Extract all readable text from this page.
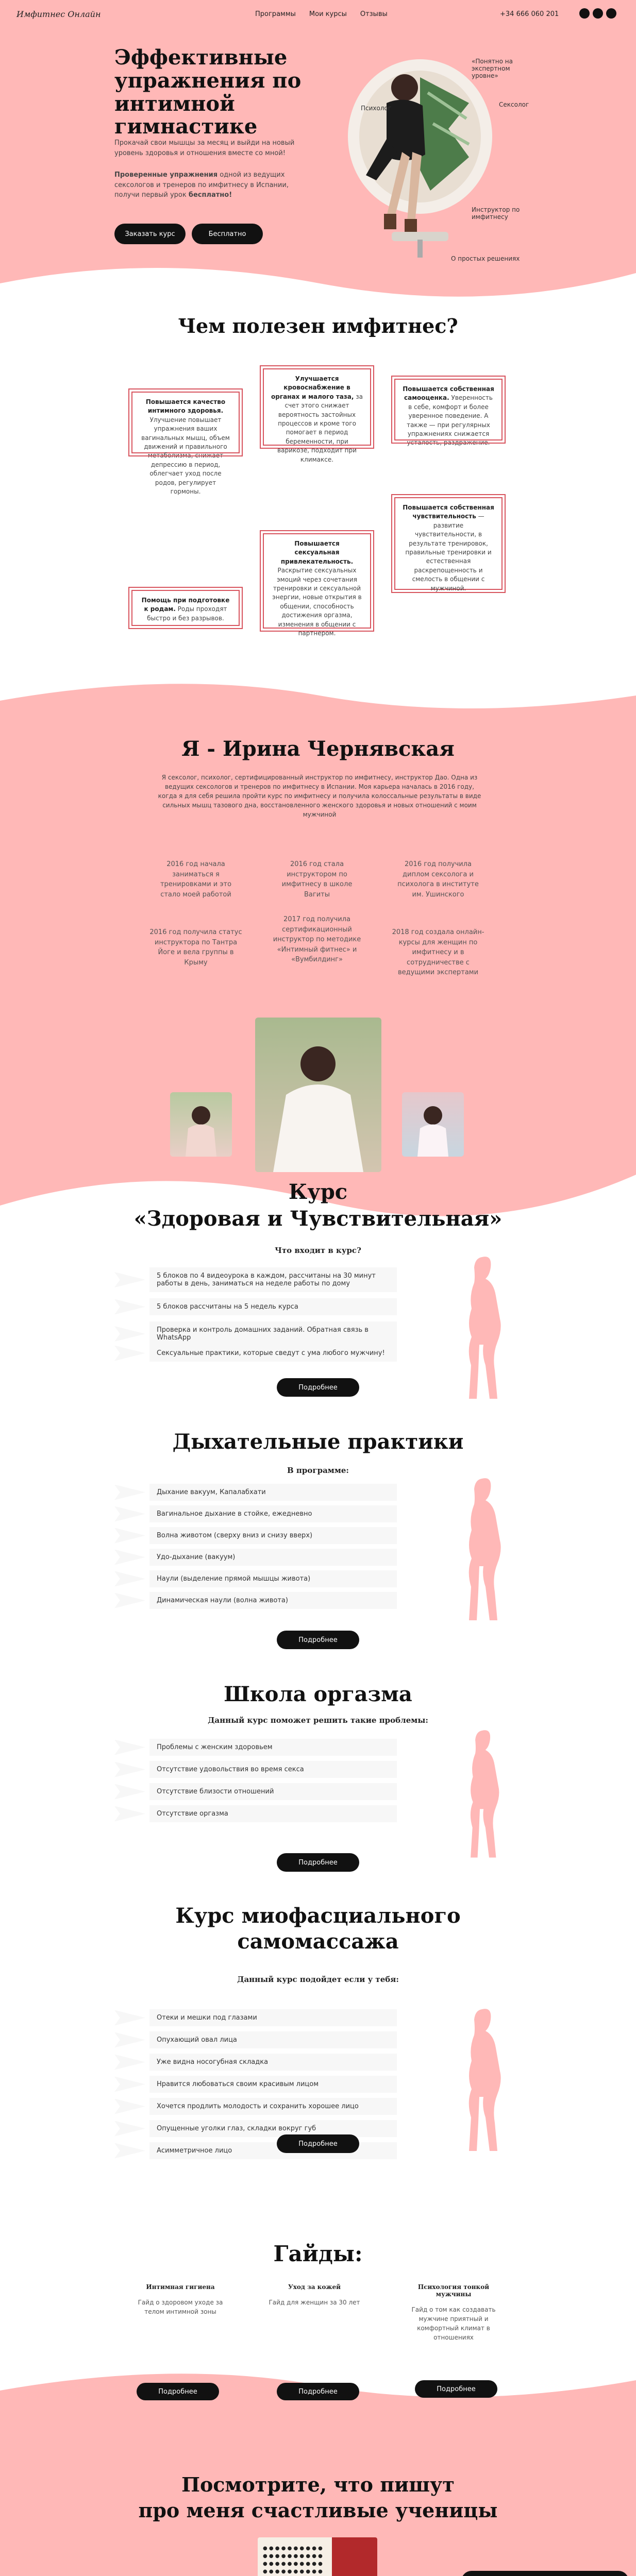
Имфитнес Онлайн	Программы Мои курсы Отзывы	+34 666 060 201
Эффективные упражнения по интимной гимнастике
Прокачай свои мышцы за месяц и выйди на новый уровень здоровья и отношения вместе со мной!
Проверенные упражнения одной из ведущих сексологов и тренеров по имфитнесу в Испании, получи первый урок бесплатно!
Заказать курс	Бесплатно
«Понятно на экспертном уровне»
Сексолог
Психолог
Инструктор по имфитнесу
О простых решениях
Чем полезен имфитнес?
Повышается качество интимного здоровья. Улучшение повышает упражнения ваших вагинальных мышц, объем движений и правильного метаболизма, снижает депрессию в период, облегчает уход после родов, регулирует гормоны.
Улучшается кровоснабжение в органах и малого таза, за счет этого снижает вероятность застойных процессов и кроме того помогает в период беременности, при варикозе, подходит при климаксе.
Повышается собственная самооценка. Уверенность в себе, комфорт и более уверенное поведение. А также — при регулярных упражнениях снижается усталость, раздражение.
Помощь при подготовке к родам. Роды проходят быстро и без разрывов.
Повышается сексуальная привлекательность. Раскрытие сексуальных эмоций через сочетания тренировки и сексуальной энергии, новые открытия в общении, способность достижения оргазма, изменения в общении с партнером.
Повышается собственная чувствительность — развитие чувствительности, в результате тренировок, правильные тренировки и естественная раскрепощенность и смелость в общении с мужчиной.
Я - Ирина Чернявская
Я сексолог, психолог, сертифицированный инструктор по имфитнесу, инструктор Дао. Одна из ведущих сексологов и тренеров по имфитнесу в Испании. Моя карьера началась в 2016 году, когда я для себя решила пройти курс по имфитнесу и получила колоссальные результаты в виде сильных мышц тазового дна, восстановленного женского здоровья и новых отношений с моим мужчиной
2016 год начала заниматься я тренировками и это стало моей работой
2016 год стала инструктором по имфитнесу в школе Вагиты
2016 год получила диплом сексолога и психолога в институте им. Ушинского
2016 год получила статус инструктора по Тантра Йоге и вела группы в Крыму
2017 год получила сертификационный инструктор по методике «Интимный фитнес» и «Вумбилдинг»
2018 год создала онлайн-курсы для женщин по имфитнесу и в сотрудничестве с ведущими экспертами
Курс
«Здоровая и Чувствительная»
Что входит в курс?
5 блоков по 4 видеоурока в каждом, рассчитаны на 30 минут работы в день, заниматься на неделе работы по дому
5 блоков рассчитаны на 5 недель курса
Проверка и контроль домашних заданий. Обратная связь в WhatsApp
Сексуальные практики, которые сведут с ума любого мужчину!
Подробнее
Дыхательные практики
В программе:
Дыхание вакуум, Капалабхати
Вагинальное дыхание в стойке, ежедневно
Волна животом (сверху вниз и снизу вверх)
Удо-дыхание (вакуум)
Наули (выделение прямой мышцы живота)
Динамическая наули (волна живота)
Подробнее
Школа оргазма
Данный курс поможет решить такие проблемы:
Проблемы с женским здоровьем
Отсутствие удовольствия во время секса
Отсутствие близости отношений
Отсутствие оргазма
Подробнее
Курс миофасциального
самомассажа
Данный курс подойдет если у тебя:
Отеки и мешки под глазами
Опухающий овал лица
Уже видна носогубная складка
Нравится любоваться своим красивым лицом
Хочется продлить молодость и сохранить хорошее лицо
Опущенные уголки глаз, складки вокруг губ
Асимметричное лицо
Подробнее
Гайды:
Интимная гигиена
Гайд о здоровом уходе за телом интимной зоны
Подробнее
Уход за кожей
Гайд для женщин за 30 лет
Подробнее
Психология тонкой мужчины
Гайд о том как создавать мужчине приятный и комфортный климат в отношениях
Подробнее
Посмотрите, что пишут
про меня счастливые ученицы
● ● ● ● ● ● ● ● ● ● ● ● ● ● ● ● ● ● ● ● ● ● ● ● ● ● ● ● ● ● ● ● ● ● ● ● ● ● ● ●
